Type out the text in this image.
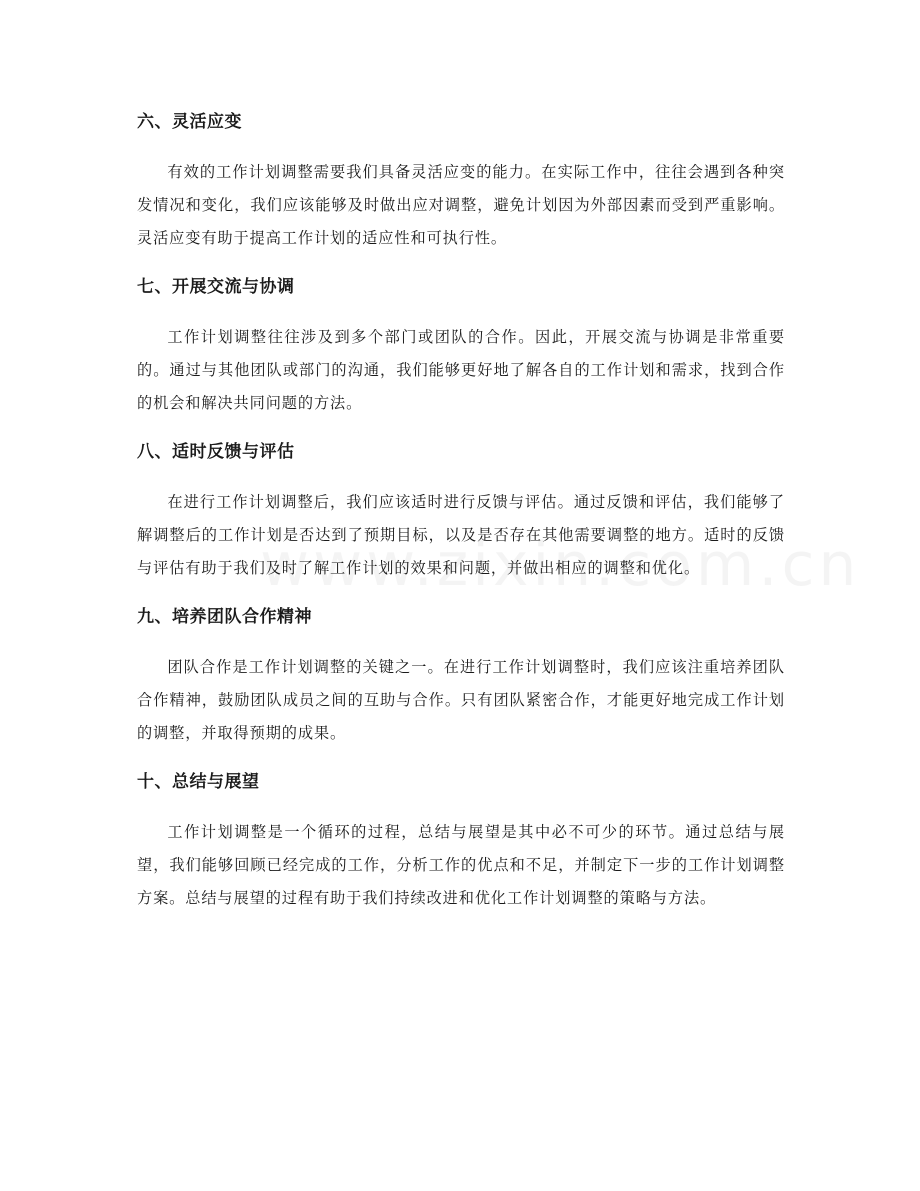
六、灵活应变

有效的工作计划调整需要我们具备灵活应变的能力。在实际工作中，往往会遇到各种突发情况和变化，我们应该能够及时做出应对调整，避免计划因为外部因素而受到严重影响。灵活应变有助于提高工作计划的适应性和可执行性。

七、开展交流与协调

工作计划调整往往涉及到多个部门或团队的合作。因此，开展交流与协调是非常重要的。通过与其他团队或部门的沟通，我们能够更好地了解各自的工作计划和需求，找到合作的机会和解决共同问题的方法。

八、适时反馈与评估

在进行工作计划调整后，我们应该适时进行反馈与评估。通过反馈和评估，我们能够了解调整后的工作计划是否达到了预期目标，以及是否存在其他需要调整的地方。适时的反馈与评估有助于我们及时了解工作计划的效果和问题，并做出相应的调整和优化。

九、培养团队合作精神

团队合作是工作计划调整的关键之一。在进行工作计划调整时，我们应该注重培养团队合作精神，鼓励团队成员之间的互助与合作。只有团队紧密合作，才能更好地完成工作计划的调整，并取得预期的成果。

十、总结与展望

工作计划调整是一个循环的过程，总结与展望是其中必不可少的环节。通过总结与展望，我们能够回顾已经完成的工作，分析工作的优点和不足，并制定下一步的工作计划调整方案。总结与展望的过程有助于我们持续改进和优化工作计划调整的策略与方法。
